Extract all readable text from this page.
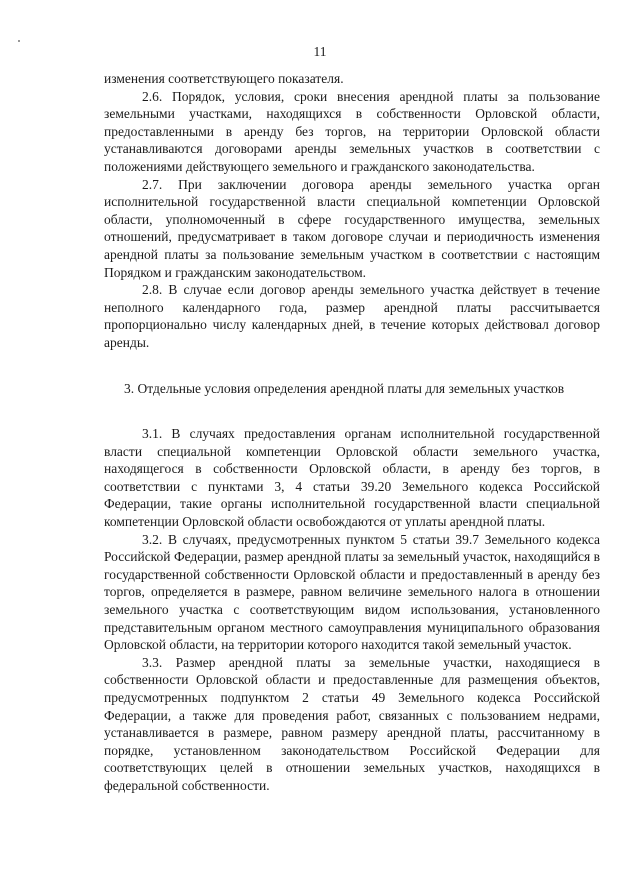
11

изменения соответствующего показателя.

2.6. Порядок, условия, сроки внесения арендной платы за пользование земельными участками, находящихся в собственности Орловской области, предоставленными в аренду без торгов, на территории Орловской области устанавливаются договорами аренды земельных участков в соответствии с положениями действующего земельного и гражданского законодательства.

2.7. При заключении договора аренды земельного участка орган исполнительной государственной власти специальной компетенции Орловской области, уполномоченный в сфере государственного имущества, земельных отношений, предусматривает в таком договоре случаи и периодичность изменения арендной платы за пользование земельным участком в соответствии с настоящим Порядком и гражданским законодательством.

2.8. В случае если договор аренды земельного участка действует в течение неполного календарного года, размер арендной платы рассчитывается пропорционально числу календарных дней, в течение которых действовал договор аренды.

3. Отдельные условия определения арендной платы для земельных участков

3.1. В случаях предоставления органам исполнительной государственной власти специальной компетенции Орловской области земельного участка, находящегося в собственности Орловской области, в аренду без торгов, в соответствии с пунктами 3, 4 статьи 39.20 Земельного кодекса Российской Федерации, такие органы исполнительной государственной власти специальной компетенции Орловской области освобождаются от уплаты арендной платы.

3.2. В случаях, предусмотренных пунктом 5 статьи 39.7 Земельного кодекса Российской Федерации, размер арендной платы за земельный участок, находящийся в государственной собственности Орловской области и предоставленный в аренду без торгов, определяется в размере, равном величине земельного налога в отношении земельного участка с соответствующим видом использования, установленного представительным органом местного самоуправления муниципального образования Орловской области, на территории которого находится такой земельный участок.

3.3. Размер арендной платы за земельные участки, находящиеся в собственности Орловской области и предоставленные для размещения объектов, предусмотренных подпунктом 2 статьи 49 Земельного кодекса Российской Федерации, а также для проведения работ, связанных с пользованием недрами, устанавливается в размере, равном размеру арендной платы, рассчитанному в порядке, установленном законодательством Российской Федерации для соответствующих целей в отношении земельных участков, находящихся в федеральной собственности.
